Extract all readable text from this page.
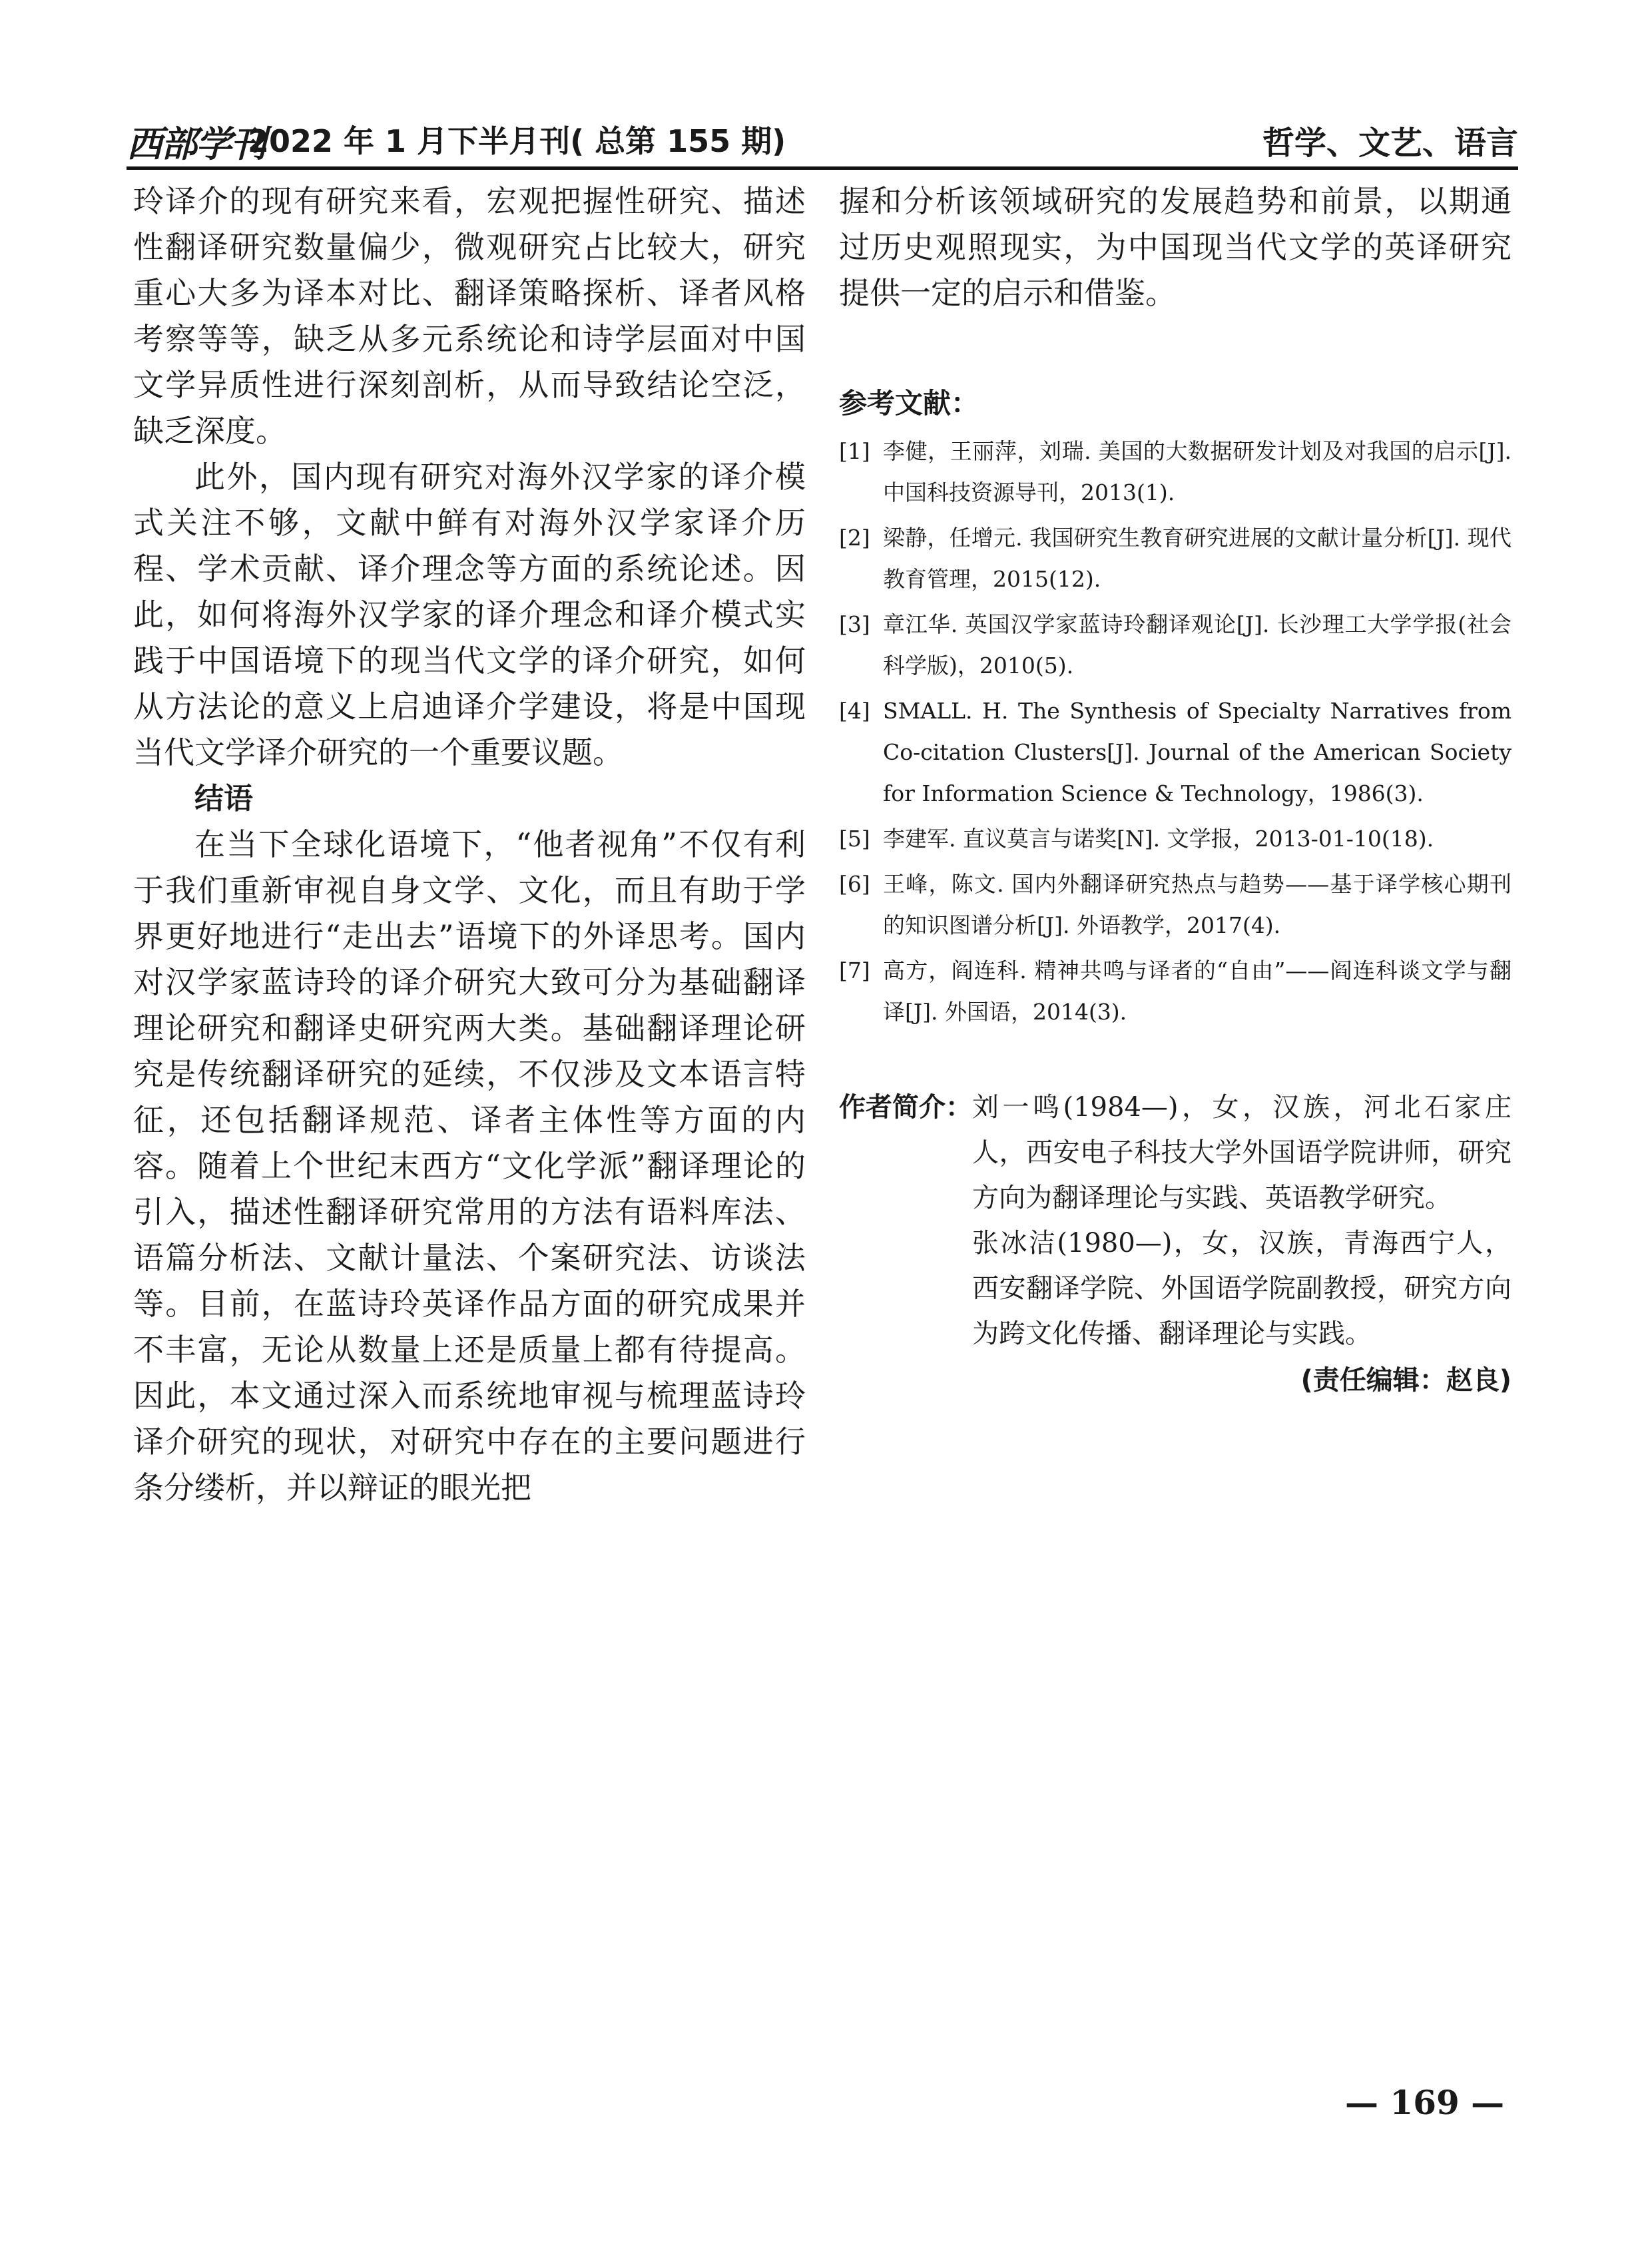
西部学刊
2022 年 1 月下半月刊( 总第 155 期)	哲学、文艺、语言

玲译介的现有研究来看，宏观把握性研究、描述性翻译研究数量偏少，微观研究占比较大，研究重心大多为译本对比、翻译策略探析、译者风格考察等等，缺乏从多元系统论和诗学层面对中国文学异质性进行深刻剖析，从而导致结论空泛，缺乏深度。

此外，国内现有研究对海外汉学家的译介模式关注不够，文献中鲜有对海外汉学家译介历程、学术贡献、译介理念等方面的系统论述。因此，如何将海外汉学家的译介理念和译介模式实践于中国语境下的现当代文学的译介研究，如何从方法论的意义上启迪译介学建设，将是中国现当代文学译介研究的一个重要议题。

结语

在当下全球化语境下，“他者视角”不仅有利于我们重新审视自身文学、文化，而且有助于学界更好地进行“走出去”语境下的外译思考。国内对汉学家蓝诗玲的译介研究大致可分为基础翻译理论研究和翻译史研究两大类。基础翻译理论研究是传统翻译研究的延续，不仅涉及文本语言特征，还包括翻译规范、译者主体性等方面的内容。随着上个世纪末西方“文化学派”翻译理论的引入，描述性翻译研究常用的方法有语料库法、语篇分析法、文献计量法、个案研究法、访谈法等。目前，在蓝诗玲英译作品方面的研究成果并不丰富，无论从数量上还是质量上都有待提高。因此，本文通过深入而系统地审视与梳理蓝诗玲译介研究的现状，对研究中存在的主要问题进行条分缕析，并以辩证的眼光把

握和分析该领域研究的发展趋势和前景，以期通过历史观照现实，为中国现当代文学的英译研究提供一定的启示和借鉴。

参考文献：
[1] 李健，王丽萍，刘瑞. 美国的大数据研发计划及对我国的启示[J]. 中国科技资源导刊，2013(1).
[2] 梁静，任增元. 我国研究生教育研究进展的文献计量分析[J]. 现代教育管理，2015(12).
[3] 章江华. 英国汉学家蓝诗玲翻译观论[J]. 长沙理工大学学报(社会科学版)，2010(5).
[4] SMALL. H. The Synthesis of Specialty Narratives from Co-citation Clusters[J]. Journal of the American Society for Information Science & Technology，1986(3).
[5] 李建军. 直议莫言与诺奖[N]. 文学报，2013-01-10(18).
[6] 王峰，陈文. 国内外翻译研究热点与趋势——基于译学核心期刊的知识图谱分析[J]. 外语教学，2017(4).
[7] 高方，阎连科. 精神共鸣与译者的“自由”——阎连科谈文学与翻译[J]. 外国语，2014(3).
作者简介： 刘一鸣(1984—)，女，汉族，河北石家庄人，西安电子科技大学外国语学院讲师，研究方向为翻译理论与实践、英语教学研究。

张冰洁(1980—)，女，汉族，青海西宁人，西安翻译学院、外国语学院副教授，研究方向为跨文化传播、翻译理论与实践。

(责任编辑：赵良)
— 169 —
